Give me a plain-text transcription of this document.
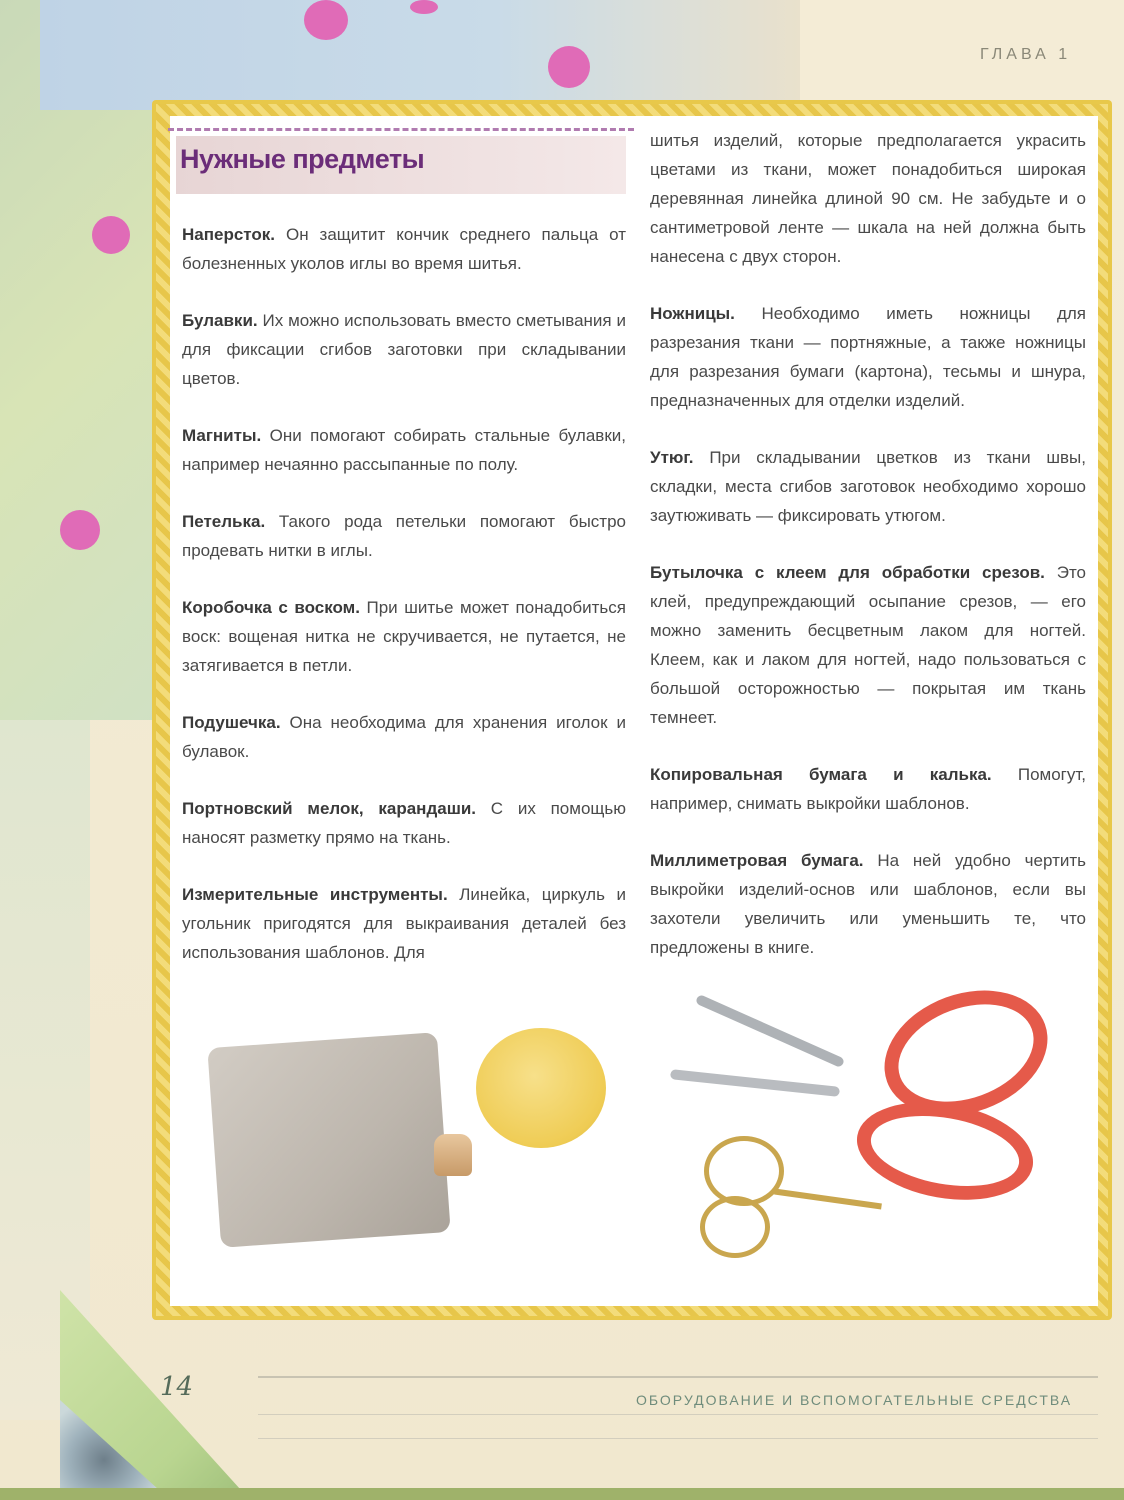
ГЛАВА 1
Нужные предметы

Наперсток. Он защитит кончик среднего пальца от болезненных уколов иглы во время шитья.

Булавки. Их можно использовать вместо сметывания и для фиксации сгибов заготовки при складывании цветов.

Магниты. Они помогают собирать стальные булавки, например нечаянно рассыпанные по полу.

Петелька. Такого рода петельки помогают быстро продевать нитки в иглы.

Коробочка с воском. При шитье может понадобиться воск: вощеная нитка не скручивается, не путается, не затягивается в петли.

Подушечка. Она необходима для хранения иголок и булавок.

Портновский мелок, карандаши. С их помощью наносят разметку прямо на ткань.

Измерительные инструменты. Линейка, циркуль и угольник пригодятся для выкраивания деталей без использования шаблонов. Для

шитья изделий, которые предполагается украсить цветами из ткани, может понадобиться широкая деревянная линейка длиной 90 см. Не забудьте и о сантиметровой ленте — шкала на ней должна быть нанесена с двух сторон.

Ножницы. Необходимо иметь ножницы для разрезания ткани — портняжные, а также ножницы для разрезания бумаги (картона), тесьмы и шнура, предназначенных для отделки изделий.

Утюг. При складывании цветков из ткани швы, складки, места сгибов заготовок необходимо хорошо заутюживать — фиксировать утюгом.

Бутылочка с клеем для обработки срезов. Это клей, предупреждающий осыпание срезов, — его можно заменить бесцветным лаком для ногтей. Клеем, как и лаком для ногтей, надо пользоваться с большой осторожностью — покрытая им ткань темнеет.

Копировальная бумага и калька. Помогут, например, снимать выкройки шаблонов.

Миллиметровая бумага. На ней удобно чертить выкройки изделий-основ или шаблонов, если вы захотели увеличить или уменьшить те, что предложены в книге.

14	ОБОРУДОВАНИЕ И ВСПОМОГАТЕЛЬНЫЕ СРЕДСТВА
